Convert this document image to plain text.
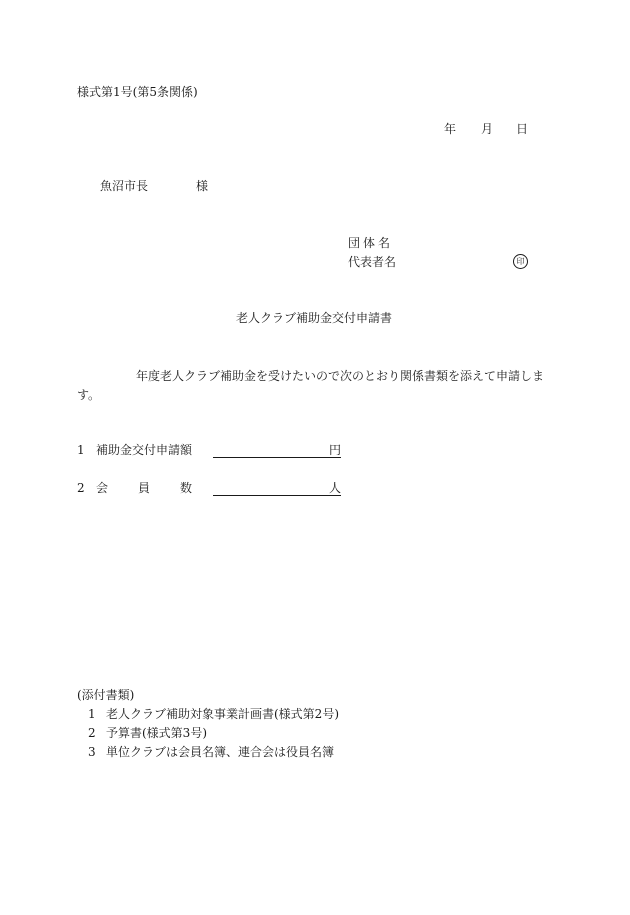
様式第1号(第5条関係)
年 月 日
魚沼市長	様
団体名
代表者名	印
老人クラブ補助金交付申請書
年度老人クラブ補助金を受けたいので次のとおり関係書類を添えて申請します。
1 補助金交付申請額	円
2 会 員 数	人
(添付書類)
1 老人クラブ補助対象事業計画書(様式第2号)
2 予算書(様式第3号)
3 単位クラブは会員名簿、連合会は役員名簿
